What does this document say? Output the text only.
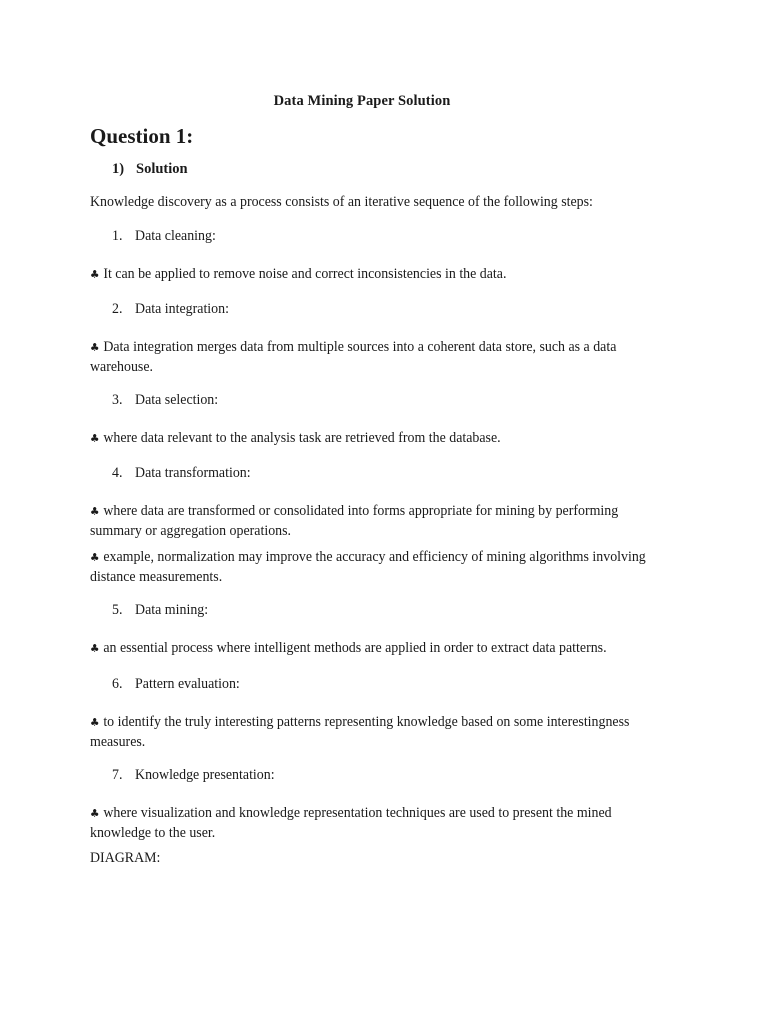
Data Mining Paper Solution
Question 1:
1) Solution
Knowledge discovery as a process consists of an iterative sequence of the following steps:
1. Data cleaning:
♣ It can be applied to remove noise and correct inconsistencies in the data.
2. Data integration:
♣ Data integration merges data from multiple sources into a coherent data store, such as a data warehouse.
3. Data selection:
♣ where data relevant to the analysis task are retrieved from the database.
4. Data transformation:
♣ where data are transformed or consolidated into forms appropriate for mining by performing summary or aggregation operations.
♣ example, normalization may improve the accuracy and efficiency of mining algorithms involving distance measurements.
5. Data mining:
♣ an essential process where intelligent methods are applied in order to extract data patterns.
6. Pattern evaluation:
♣ to identify the truly interesting patterns representing knowledge based on some interestingness measures.
7. Knowledge presentation:
♣ where visualization and knowledge representation techniques are used to present the mined knowledge to the user.
DIAGRAM:
